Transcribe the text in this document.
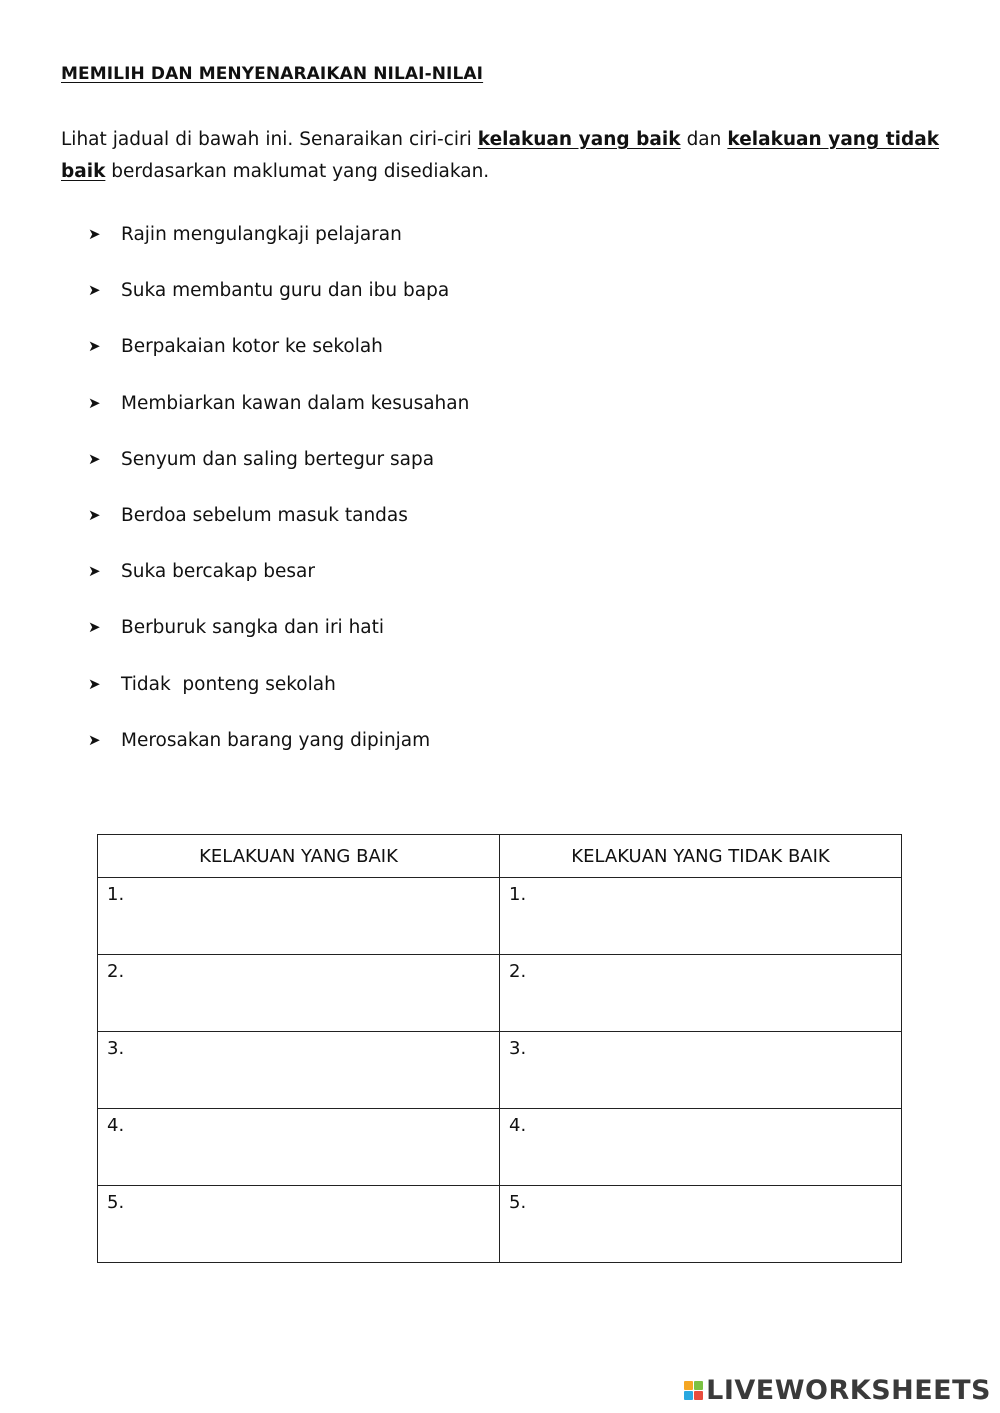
MEMILIH DAN MENYENARAIKAN NILAI-NILAI

Lihat jadual di bawah ini. Senaraikan ciri-ciri kelakuan yang baik dan kelakuan yang tidak baik berdasarkan maklumat yang disediakan.

➤	Rajin mengulangkaji pelajaran
➤	Suka membantu guru dan ibu bapa
➤	Berpakaian kotor ke sekolah
➤	Membiarkan kawan dalam kesusahan
➤	Senyum dan saling bertegur sapa
➤	Berdoa sebelum masuk tandas
➤	Suka bercakap besar
➤	Berburuk sangka dan iri hati
➤	Tidak  ponteng sekolah
➤	Merosakan barang yang dipinjam
KELAKUAN YANG BAIK	KELAKUAN YANG TIDAK BAIK
1.	1.
2.	2.
3.	3.
4.	4.
5.	5.
LIVEWORKSHEETS
